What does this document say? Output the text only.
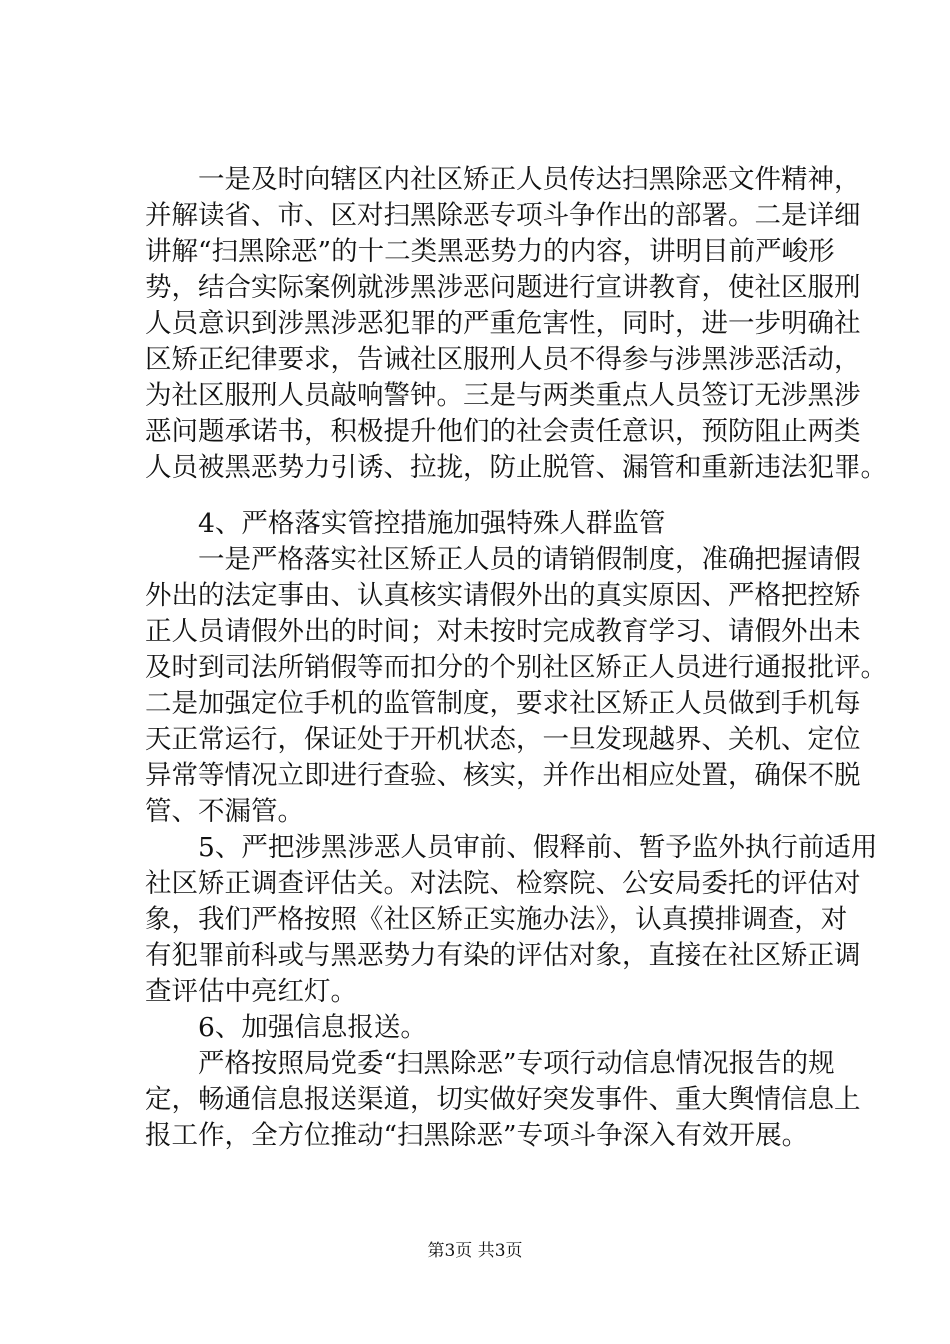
　　一是及时向辖区内社区矫正人员传达扫黑除恶文件精神，
并解读省、市、区对扫黑除恶专项斗争作出的部署。二是详细
讲解“扫黑除恶”的十二类黑恶势力的内容，讲明目前严峻形
势，结合实际案例就涉黑涉恶问题进行宣讲教育，使社区服刑
人员意识到涉黑涉恶犯罪的严重危害性，同时，进一步明确社
区矫正纪律要求，告诫社区服刑人员不得参与涉黑涉恶活动，
为社区服刑人员敲响警钟。三是与两类重点人员签订无涉黑涉
恶问题承诺书，积极提升他们的社会责任意识，预防阻止两类
人员被黑恶势力引诱、拉拢，防止脱管、漏管和重新违法犯罪。
　　4、严格落实管控措施加强特殊人群监管
　　一是严格落实社区矫正人员的请销假制度，准确把握请假
外出的法定事由、认真核实请假外出的真实原因、严格把控矫
正人员请假外出的时间；对未按时完成教育学习、请假外出未
及时到司法所销假等而扣分的个别社区矫正人员进行通报批评。
二是加强定位手机的监管制度，要求社区矫正人员做到手机每
天正常运行，保证处于开机状态，一旦发现越界、关机、定位
异常等情况立即进行查验、核实，并作出相应处置，确保不脱
管、不漏管。
　　5、严把涉黑涉恶人员审前、假释前、暂予监外执行前适用
社区矫正调查评估关。对法院、检察院、公安局委托的评估对
象，我们严格按照《社区矫正实施办法》，认真摸排调查，对
有犯罪前科或与黑恶势力有染的评估对象，直接在社区矫正调
查评估中亮红灯。
　　6、加强信息报送。
　　严格按照局党委“扫黑除恶”专项行动信息情况报告的规
定，畅通信息报送渠道，切实做好突发事件、重大舆情信息上
报工作，全方位推动“扫黑除恶”专项斗争深入有效开展。
第3页 共3页
